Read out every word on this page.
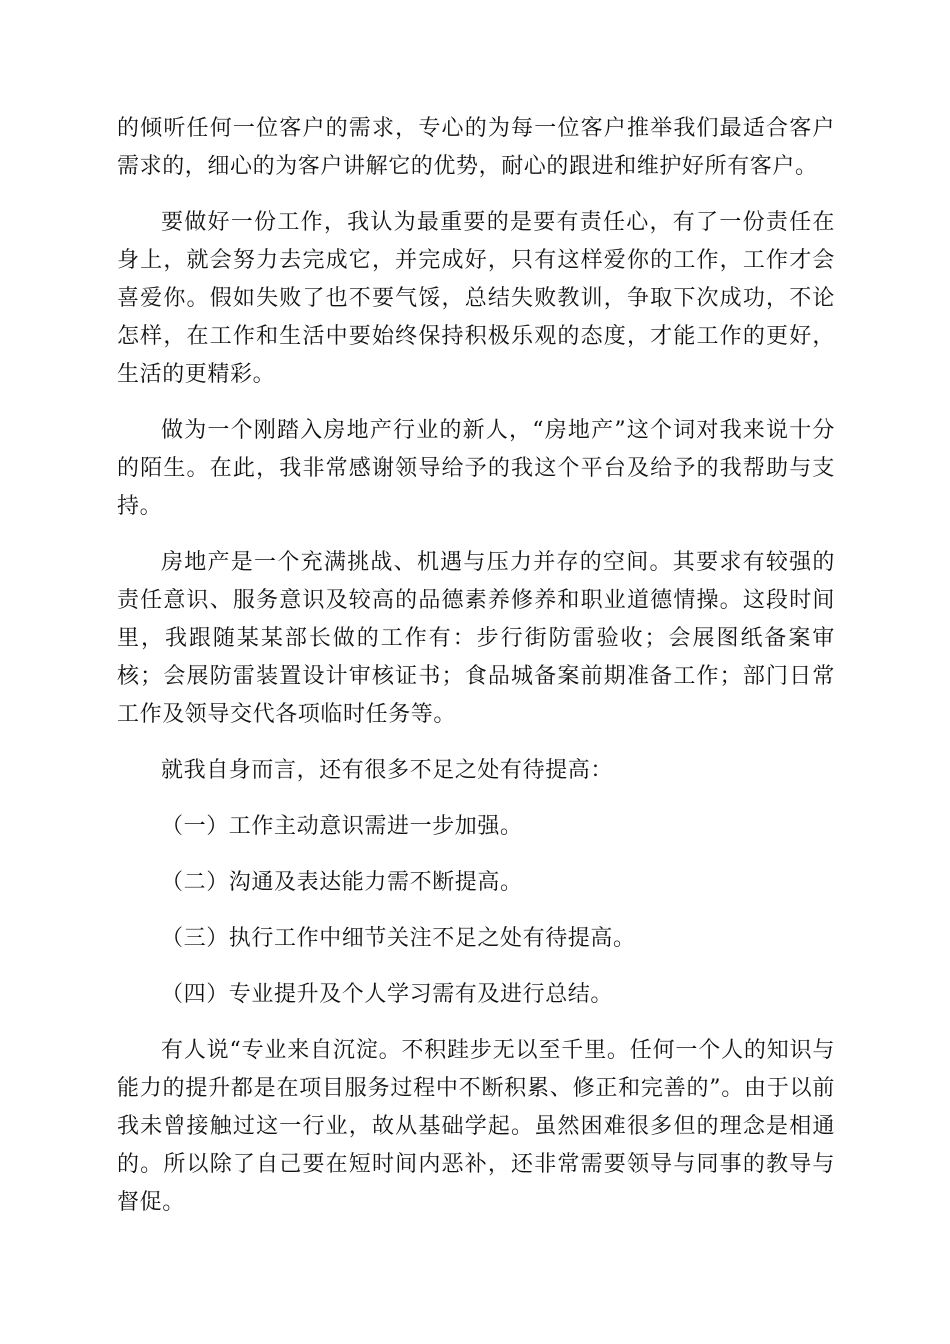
的倾听任何一位客户的需求，专心的为每一位客户推举我们最适合客户需求的，细心的为客户讲解它的优势，耐心的跟进和维护好所有客户。

要做好一份工作，我认为最重要的是要有责任心，有了一份责任在身上，就会努力去完成它，并完成好，只有这样爱你的工作，工作才会喜爱你。假如失败了也不要气馁，总结失败教训，争取下次成功，不论怎样，在工作和生活中要始终保持积极乐观的态度，才能工作的更好，生活的更精彩。

做为一个刚踏入房地产行业的新人，“房地产”这个词对我来说十分的陌生。在此，我非常感谢领导给予的我这个平台及给予的我帮助与支持。

房地产是一个充满挑战、机遇与压力并存的空间。其要求有较强的责任意识、服务意识及较高的品德素养修养和职业道德情操。这段时间里，我跟随某某部长做的工作有：步行街防雷验收；会展图纸备案审核；会展防雷装置设计审核证书；食品城备案前期准备工作；部门日常工作及领导交代各项临时任务等。

就我自身而言，还有很多不足之处有待提高：

（一）工作主动意识需进一步加强。

（二）沟通及表达能力需不断提高。

（三）执行工作中细节关注不足之处有待提高。

（四）专业提升及个人学习需有及进行总结。

有人说“专业来自沉淀。不积跬步无以至千里。任何一个人的知识与能力的提升都是在项目服务过程中不断积累、修正和完善的”。由于以前我未曾接触过这一行业，故从基础学起。虽然困难很多但的理念是相通的。所以除了自己要在短时间内恶补，还非常需要领导与同事的教导与督促。
